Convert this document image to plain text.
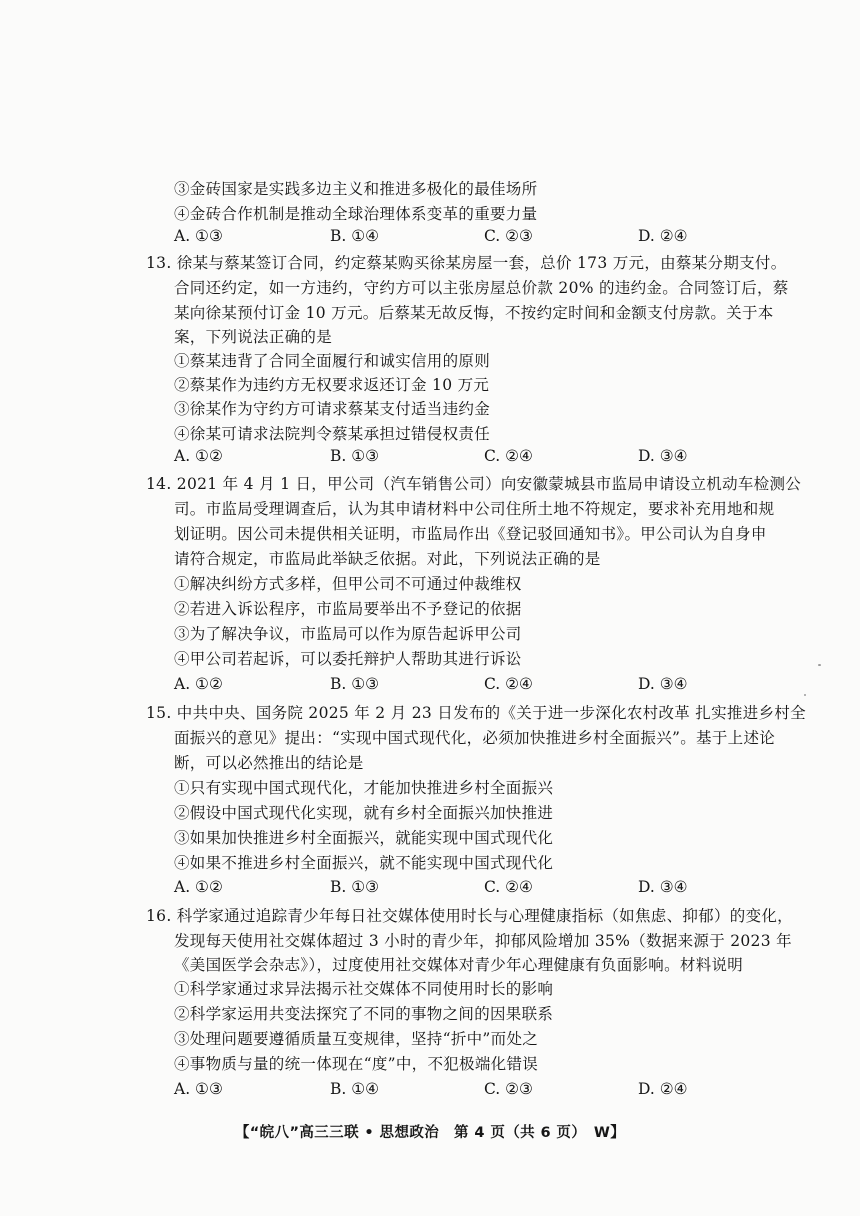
③金砖国家是实践多边主义和推进多极化的最佳场所
④金砖合作机制是推动全球治理体系变革的重要力量
A. ①③	B. ①④	C. ②③	D. ②④
13. 徐某与蔡某签订合同，约定蔡某购买徐某房屋一套，总价 173 万元，由蔡某分期支付。
合同还约定，如一方违约，守约方可以主张房屋总价款 20% 的违约金。合同签订后，蔡
某向徐某预付订金 10 万元。后蔡某无故反悔，不按约定时间和金额支付房款。关于本
案，下列说法正确的是
①蔡某违背了合同全面履行和诚实信用的原则
②蔡某作为违约方无权要求返还订金 10 万元
③徐某作为守约方可请求蔡某支付适当违约金
④徐某可请求法院判令蔡某承担过错侵权责任
A. ①②	B. ①③	C. ②④	D. ③④
14. 2021 年 4 月 1 日，甲公司（汽车销售公司）向安徽蒙城县市监局申请设立机动车检测公
司。市监局受理调查后，认为其申请材料中公司住所土地不符规定，要求补充用地和规
划证明。因公司未提供相关证明，市监局作出《登记驳回通知书》。甲公司认为自身申
请符合规定，市监局此举缺乏依据。对此，下列说法正确的是
①解决纠纷方式多样，但甲公司不可通过仲裁维权
②若进入诉讼程序，市监局要举出不予登记的依据
③为了解决争议，市监局可以作为原告起诉甲公司
④甲公司若起诉，可以委托辩护人帮助其进行诉讼
A. ①②	B. ①③	C. ②④	D. ③④
15. 中共中央、国务院 2025 年 2 月 23 日发布的《关于进一步深化农村改革 扎实推进乡村全
面振兴的意见》提出：“实现中国式现代化，必须加快推进乡村全面振兴”。基于上述论
断，可以必然推出的结论是
①只有实现中国式现代化，才能加快推进乡村全面振兴
②假设中国式现代化实现，就有乡村全面振兴加快推进
③如果加快推进乡村全面振兴，就能实现中国式现代化
④如果不推进乡村全面振兴，就不能实现中国式现代化
A. ①②	B. ①③	C. ②④	D. ③④
16. 科学家通过追踪青少年每日社交媒体使用时长与心理健康指标（如焦虑、抑郁）的变化，
发现每天使用社交媒体超过 3 小时的青少年，抑郁风险增加 35%（数据来源于 2023 年
《美国医学会杂志》），过度使用社交媒体对青少年心理健康有负面影响。材料说明
①科学家通过求异法揭示社交媒体不同使用时长的影响
②科学家运用共变法探究了不同的事物之间的因果联系
③处理问题要遵循质量互变规律，坚持“折中”而处之
④事物质与量的统一体现在“度”中，不犯极端化错误
A. ①③	B. ①④	C. ②③	D. ②④
【“皖八”高三三联 • 思想政治　第 4 页（共 6 页）　W】
